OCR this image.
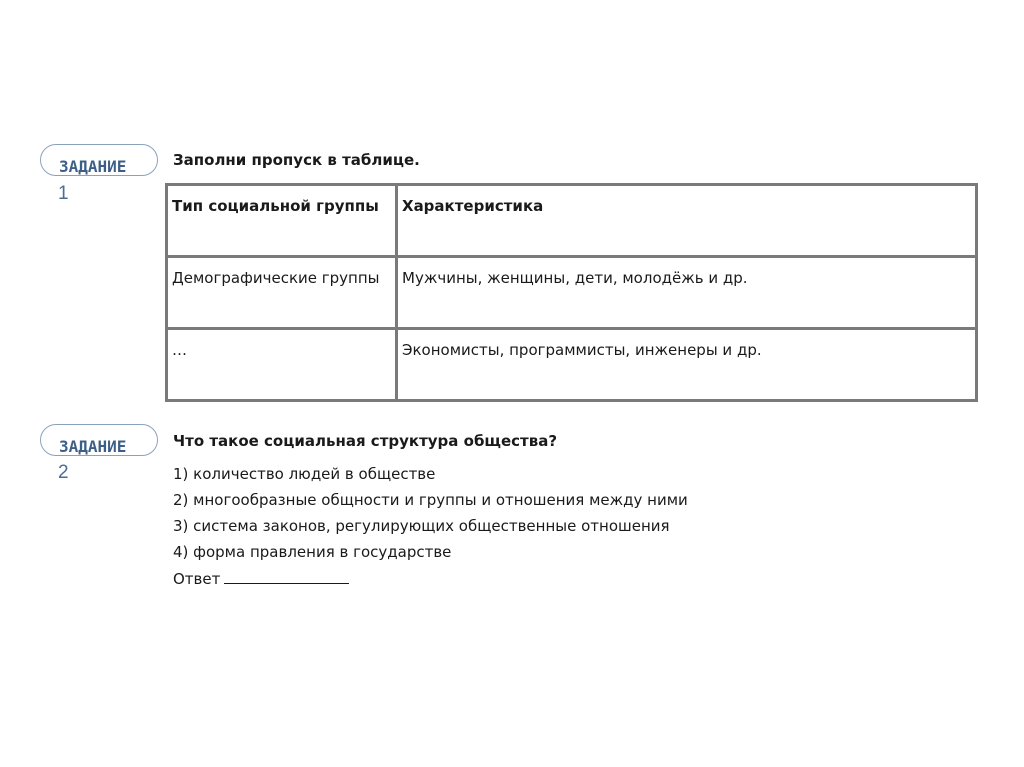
ЗАДАНИЕ
1
Заполни пропуск в таблице.
Тип социальной группы	Характеристика
Демографические группы	Мужчины, женщины, дети, молодёжь и др.
…	Экономисты, программисты, инженеры и др.
ЗАДАНИЕ
2
Что такое социальная структура общества?
1) количество людей в обществе
2) многообразные общности и группы и отношения между ними
3) система законов, регулирующих общественные отношения
4) форма правления в государстве
Ответ
